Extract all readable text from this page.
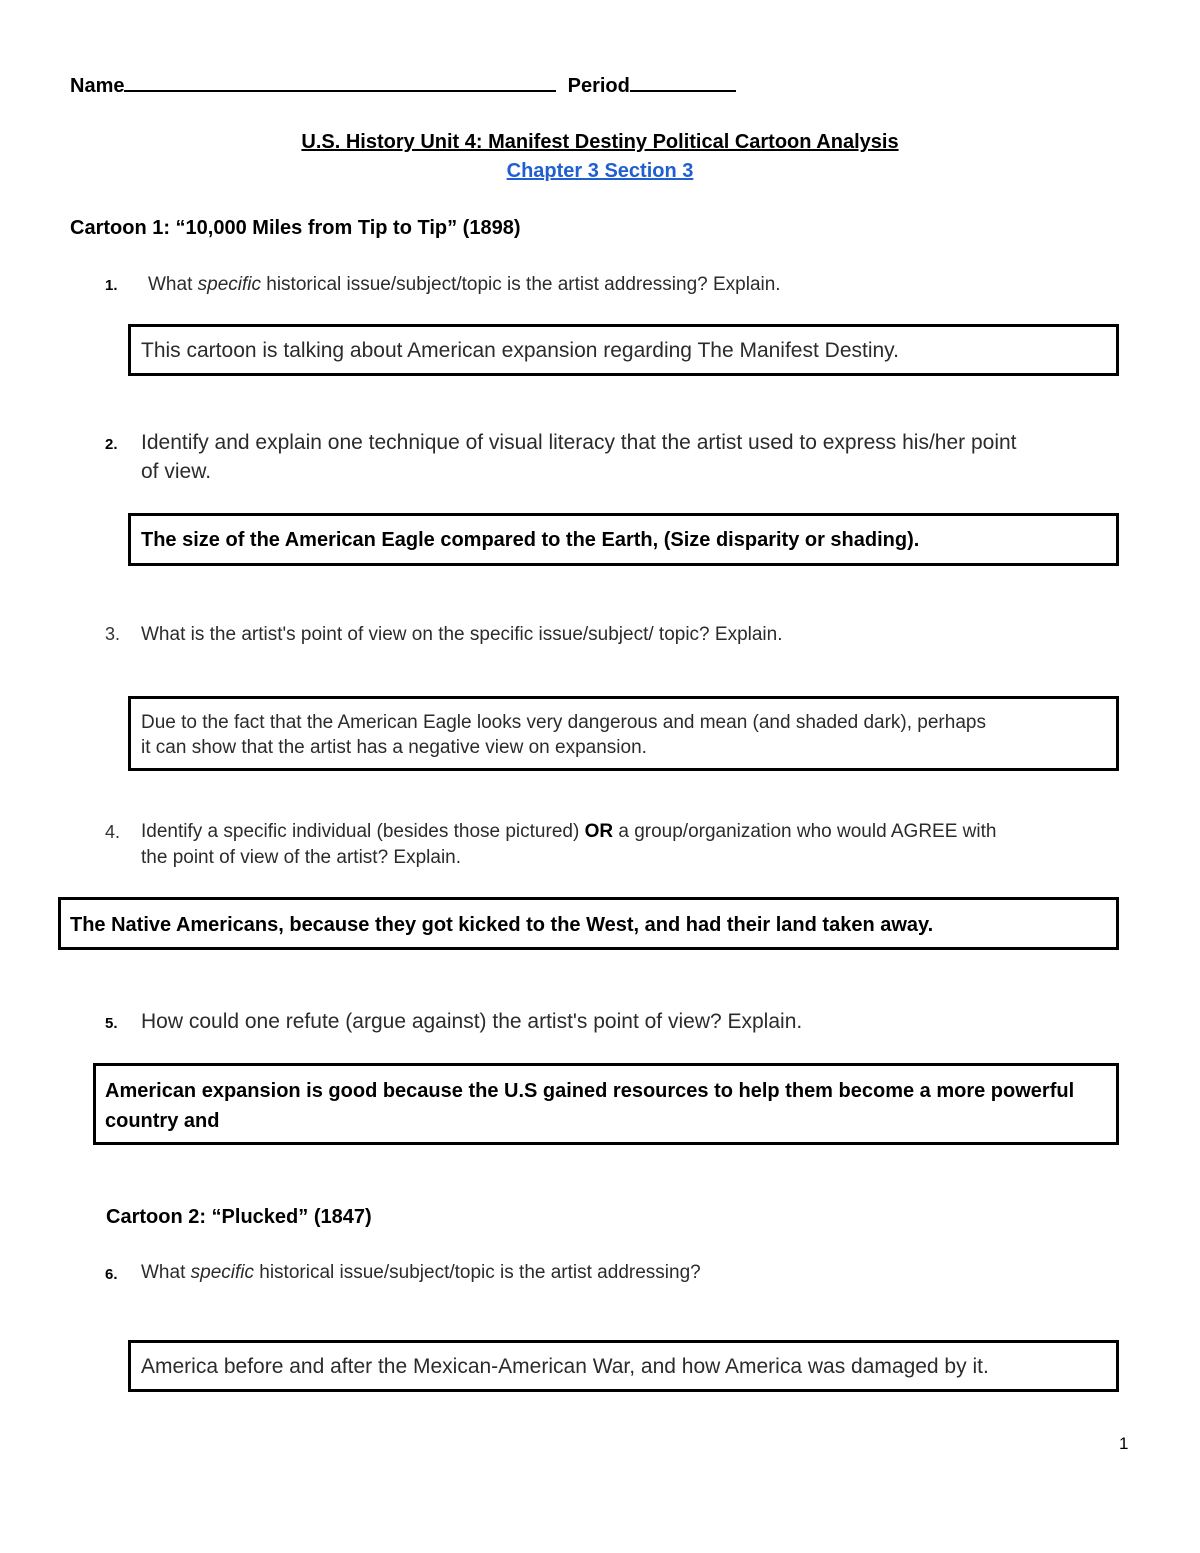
Name	Period
U.S. History Unit 4: Manifest Destiny Political Cartoon Analysis
Chapter 3 Section 3
Cartoon 1: “10,000 Miles from Tip to Tip” (1898)
1. What specific historical issue/subject/topic is the artist addressing? Explain.
This cartoon is talking about American expansion regarding The Manifest Destiny.
2. Identify and explain one technique of visual literacy that the artist used to express his/her point
of view.
The size of the American Eagle compared to the Earth, (Size disparity or shading).
3. What is the artist's point of view on the specific issue/subject/ topic? Explain.
Due to the fact that the American Eagle looks very dangerous and mean (and shaded dark), perhaps
it can show that the artist has a negative view on expansion.
4. Identify a specific individual (besides those pictured) OR a group/organization who would AGREE with
the point of view of the artist? Explain.
The Native Americans, because they got kicked to the West, and had their land taken away.
5. How could one refute (argue against) the artist's point of view? Explain.
American expansion is good because the U.S gained resources to help them become a more powerful
country and
Cartoon 2: “Plucked” (1847)
6. What specific historical issue/subject/topic is the artist addressing?
America before and after the Mexican-American War, and how America was damaged by it.
1
